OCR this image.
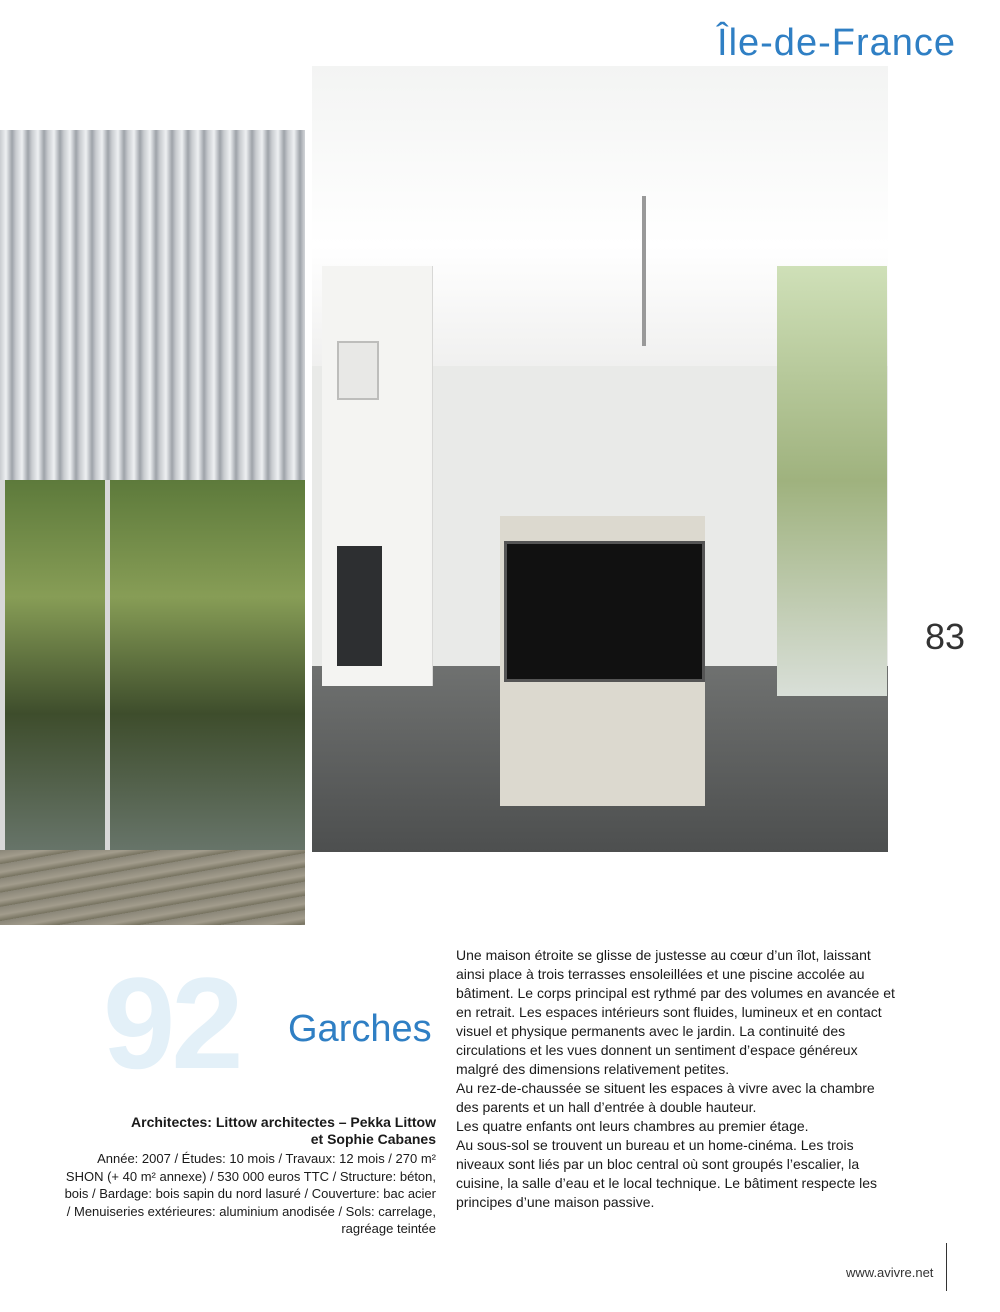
Île-de-France
83
92 Garches
Architectes: Littow architectes – Pekka Littow
et Sophie Cabanes
Année: 2007 / Études: 10 mois / Travaux: 12 mois / 270 m² SHON (+ 40 m² annexe) / 530 000 euros TTC / Structure: béton, bois / Bardage: bois sapin du nord lasuré / Couverture: bac acier / Menuiseries extérieures: aluminium anodisée / Sols: carrelage, ragréage teintée

Une maison étroite se glisse de justesse au cœur d’un îlot, laissant ainsi place à trois terrasses ensoleillées et une piscine accolée au bâtiment. Le corps principal est rythmé par des volumes en avancée et en retrait. Les espaces intérieurs sont fluides, lumineux et en contact visuel et physique permanents avec le jardin. La continuité des circulations et les vues donnent un sentiment d’espace généreux malgré des dimensions relativement petites.

Au rez-de-chaussée se situent les espaces à vivre avec la chambre des parents et un hall d’entrée à double hauteur.

Les quatre enfants ont leurs chambres au premier étage.

Au sous-sol se trouvent un bureau et un home-cinéma. Les trois niveaux sont liés par un bloc central où sont groupés l’escalier, la cuisine, la salle d’eau et le local technique. Le bâtiment respecte les principes d’une maison passive.

www.avivre.net
